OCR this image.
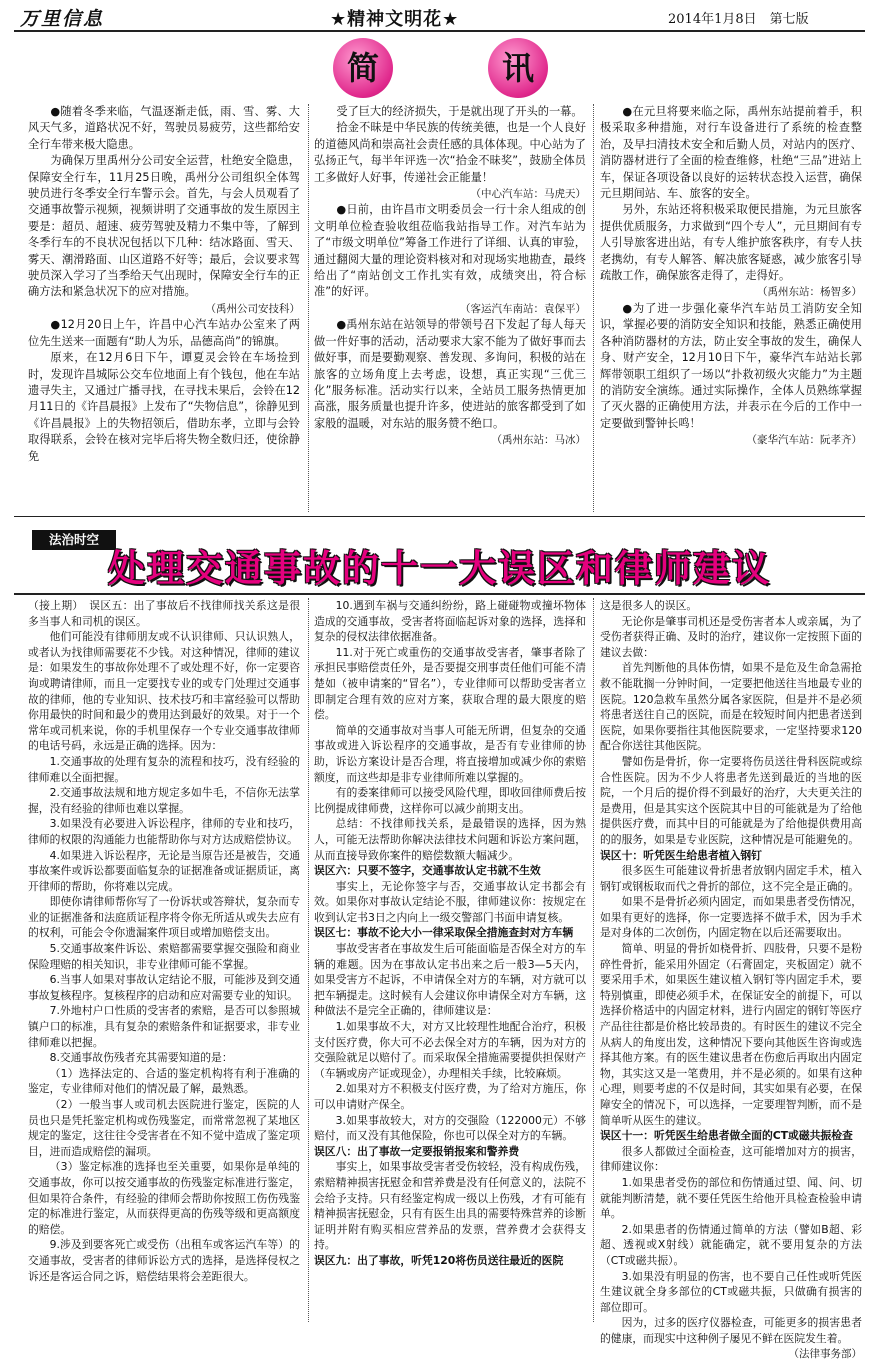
万里信息	★精神文明花★	2014年1月8日　第七版
简	讯

●随着冬季来临，气温逐渐走低，雨、雪、雾、大风天气多，道路状况不好，驾驶员易疲劳，这些都给安全行车带来极大隐患。

为确保万里禹州分公司安全运营，杜绝安全隐患，保障安全行车，11月25日晚，禹州分公司组织全体驾驶员进行冬季安全行车警示会。首先，与会人员观看了交通事故警示视频，视频讲明了交通事故的发生原因主要是：超员、超速、疲劳驾驶及精力不集中等，了解到冬季行车的不良状况包括以下几种：结冰路面、雪天、雾天、潮滑路面、山区道路不好等；最后，会议要求驾驶员深入学习了当季给天气出现时，保障安全行车的正确方法和紧急状况下的应对措施。

（禹州公司安技科）

●12月20日上午，许昌中心汽车站办公室来了两位先生送来一面题有“助人为乐，品德高尚”的锦旗。

原来，在12月6日下午，谭夏灵会铃在车场捡到时，发现许昌城际公交车位地面上有个钱包，他在车站遗寻失主，又通过广播寻找，在寻找未果后，会铃在12月11日的《许昌晨报》上发布了“失物信息”，徐静见到《许昌晨报》上的失物招领后，借助东孝，立即与会铃取得联系，会铃在核对完毕后将失物全数归还，使徐静免

受了巨大的经济损失，于是就出现了开头的一幕。

拾金不昧是中华民族的传统美德，也是一个人良好的道德风尚和崇高社会责任感的具体体现。中心站为了弘扬正气，每半年评选一次“拾金不昧奖”，鼓励全体员工多做好人好事，传递社会正能量！

（中心汽车站：马虎天）

●日前，由许昌市文明委员会一行十余人组成的创文明单位检查验收组莅临我站指导工作。对汽车站为了“市级文明单位”筹备工作进行了详细、认真的审验，通过翻阅大量的理论资料核对和对现场实地勘查，最终给出了“南站创文工作扎实有效，成绩突出，符合标准”的好评。

（客运汽车南站：袁保平）

●禹州东站在站领导的带领号召下发起了每人每天做一件好事的活动，活动要求大家不能为了做好事而去做好事，而是要勤观察、善发现、多询问，积极的站在旅客的立场角度上去考虑，设想，真正实现“三优三化”服务标准。活动实行以来，全站员工服务热情更加高涨，服务质量也提升许多，使进站的旅客都受到了如家般的温暖，对东站的服务赞不绝口。

（禹州东站：马冰）

●在元旦将要来临之际，禹州东站提前着手，积极采取多种措施，对行车设备进行了系统的检查整治，及早扫清技术安全和后勤人员，对站内的医疗、消防器材进行了全面的检查维修，杜绝“三品”进站上车，保证各项设备以良好的运转状态投入运营，确保元旦期间站、车、旅客的安全。

另外，东站还将积极采取便民措施，为元旦旅客提供优质服务，力求做到“四个专人”，元旦期间有专人引导旅客进出站，有专人维护旅客秩序，有专人扶老携幼，有专人解答、解决旅客疑惑，减少旅客引导疏散工作，确保旅客走得了，走得好。

（禹州东站：杨智多）

●为了进一步强化豪华汽车站员工消防安全知识，掌握必要的消防安全知识和技能，熟悉正确使用各种消防器材的方法，防止安全事故的发生，确保人身、财产安全，12月10日下午，豪华汽车站站长郭辉带领职工组织了一场以“扑救初级火灾能力”为主题的消防安全演练。通过实际操作，全体人员熟练掌握了灭火器的正确使用方法，并表示在今后的工作中一定要做到警钟长鸣！

（豪华汽车站：阮孝齐）

法治时空
处理交通事故的十一大误区和律师建议

（接上期）　误区五：出了事故后不找律师找关系这是很多当事人和司机的误区。

他们可能没有律师朋友或不认识律师、只认识熟人，或者认为找律师需要花不少钱。对这种情况，律师的建议是：如果发生的事故你处理不了或处理不好，你一定要咨询或聘请律师，而且一定要找专业的或专门处理过交通事故的律师，他的专业知识、技术技巧和丰富经验可以帮助你用最快的时间和最少的费用达到最好的效果。对于一个常年或司机来说，你的手机里保存一个专业交通事故律师的电话号码，永远是正确的选择。因为：

1.交通事故的处理有复杂的流程和技巧，没有经验的律师难以全面把握。

2.交通事故法规和地方规定多如牛毛，不信你无法掌握，没有经验的律师也难以掌握。

3.如果没有必要进入诉讼程序，律师的专业和技巧，律师的权限的沟通能力也能帮助你与对方达成赔偿协议。

4.如果进入诉讼程序，无论是当原告还是被告，交通事故案件或诉讼都要面临复杂的证据准备或证据质证，离开律师的帮助，你将难以完成。

即使你请律师帮你写了一份诉状或答辩状，复杂而专业的证据准备和法庭质证程序将令你无所适从或失去应有的权利，可能会令你遗漏案件项目或增加赔偿支出。

5.交通事故案件诉讼、索赔都需要掌握交强险和商业保险理赔的相关知识，非专业律师可能不掌握。

6.当事人如果对事故认定结论不服，可能涉及到交通事故复核程序。复核程序的启动和应对需要专业的知识。

7.外地村户口性质的受害者的索赔，是否可以参照城镇户口的标准，具有复杂的索赔条件和证据要求，非专业律师难以把握。

8.交通事故伤残者充其需要知道的是：

（1）选择法定的、合适的鉴定机构将有利于准确的鉴定，专业律师对他们的情况最了解，最熟悉。

（2）一般当事人或司机去医院进行鉴定，医院的人员也只是凭托鉴定机构或伤残鉴定，而常常忽视了某地区规定的鉴定，这往往令受害者在不知不觉中造成了鉴定项目，进而造成赔偿的漏项。

（3）鉴定标准的选择也至关重要，如果你是单纯的交通事故，你可以按交通事故的伤残鉴定标准进行鉴定，但如果符合条件，有经验的律师会帮助你按照工伤伤残鉴定的标准进行鉴定，从而获得更高的伤残等级和更高额度的赔偿。

9.涉及到要客死亡或受伤（出租车或客运汽车等）的交通事故，受害者的律师诉讼方式的选择，是选择侵权之诉还是客运合同之诉，赔偿结果将会差距很大。

10.遇到车祸与交通纠纷纷，路上碰碰物或撞坏物体造成的交通事故，受害者将面临起诉对象的选择，选择和复杂的侵权法律依据准备。

11.对于死亡或重伤的交通事故受害者，肇事者除了承担民事赔偿责任外，是否要提交刑事责任他们可能不清楚如（被申请案的“冒名”），专业律师可以帮助受害者立即制定合理有效的应对方案，获取合理的最大限度的赔偿。

简单的交通事故对当事人可能无所谓，但复杂的交通事故或进入诉讼程序的交通事故，是否有专业律师的协助，诉讼方案设计是否合理，将直接增加或减少你的索赔额度，而这些却是非专业律师所难以掌握的。

有的委案律师可以接受风险代理，即收回律师费后按比例提成律师费，这样你可以减少前期支出。

总结：不找律师找关系，是最错误的选择，因为熟人，可能无法帮助你解决法律技术问题和诉讼方案问题，从而直接导致你案件的赔偿数额大幅减少。

误区六：只要不签字，交通事故认定书就不生效

事实上，无论你签字与否，交通事故认定书都会有效。如果你对事故认定结论不服，律师建议你：按规定在收到认定书3日之内向上一级交警部门书面申请复核。

误区七：事故不论大小一律采取保全措施查封对方车辆

事故受害者在事故发生后可能面临是否保全对方的车辆的难题。因为在事故认定书出来之后一般3—5天内，如果受害方不起诉，不申请保全对方的车辆，对方就可以把车辆提走。这时候有人会建议你申请保全对方车辆，这种做法不是完全正确的，律师建议是：

1.如果事故不大，对方又比较理性地配合治疗，积极支付医疗费，你大可不必去保全对方的车辆，因为对方的交强险就足以赔付了。而采取保全措施需要提供担保财产（车辆或房产证或现金），办理相关手续，比较麻烦。

2.如果对方不积极支付医疗费，为了给对方施压，你可以申请财产保全。

3.如果事故较大，对方的交强险（122000元）不够赔付，而又没有其他保险，你也可以保全对方的车辆。

误区八：出了事故一定要报销报案和警养费

事实上，如果事故受害者受伤较轻，没有构成伤残，索赔精神损害抚慰金和营养费是没有任何意义的，法院不会给予支持。只有经鉴定构成一级以上伤残，才有可能有精神损害抚慰金，只有有医生出具的需要特殊营养的诊断证明并附有购买相应营养品的发票，营养费才会获得支持。

误区九：出了事故，听凭120将伤员送往最近的医院

这是很多人的误区。

无论你是肇事司机还是受伤害者本人或亲属，为了受伤者获得正确、及时的治疗，建议你一定按照下面的建议去做：

首先判断他的具体伤情，如果不是危及生命急需抢救不能耽搁一分钟时间，一定要把他送往当地最专业的医院。120急救车虽然分属各家医院，但是并不是必须将患者送往自己的医院，而是在较短时间内把患者送到医院，如果你要指往其他医院要求，一定坚持要求120配合你送往其他医院。

譬如伤是骨折，你一定要将伤员送往骨科医院或综合性医院。因为不少人将患者先送到最近的当地的医院，一个月后的提价得不到最好的治疗，大夫更关注的是费用，但是其实这个医院其中目的可能就是为了给他提供医疗费，而其中目的可能就是为了给他提供费用高的的服务，如果是专业医院，这种情况是可能避免的。

误区十：听凭医生给患者植入钢钉

很多医生可能建议骨折患者放钢内固定手术，植入钢钉或钢板取而代之骨折的部位，这不完全是正确的。

如果不是骨折必须内固定，而如果患者受伤情况，如果有更好的选择，你一定要选择不做手术，因为手术是对身体的二次创伤，内固定物在以后还需要取出。

简单、明显的骨折如桡骨折、四肢骨，只要不是粉碎性骨折，能采用外固定（石膏固定，夹板固定）就不要采用手术，如果医生建议植入钢钉等内固定手术，要特别慎重，即使必须手术，在保证安全的前提下，可以选择价格适中的内固定材料，进行内固定的钢钉等医疗产品往往都是价格比较昂贵的。有时医生的建议不完全从病人的角度出发，这种情况下要向其他医生咨询或选择其他方案。有的医生建议患者在伤愈后再取出内固定物，其实这又是一笔费用，并不是必须的。如果有这种心理，则要考虑的不仅是时间，其实如果有必要，在保障安全的情况下，可以选择，一定要理智判断，而不是简单听从医生的建议。

误区十一：听凭医生给患者做全面的CT或磁共振检查

很多人都做过全面检查，这可能增加对方的损害，律师建议你：

1.如果患者受伤的部位和伤情通过望、闻、问、切就能判断清楚，就不要任凭医生给他开具检查检验申请单。

2.如果患者的伤情通过简单的方法（譬如B超、彩超、透视或X射线）就能确定，就不要用复杂的方法（CT或磁共振）。

3.如果没有明显的伤害，也不要自己任性或听凭医生建议就全身多部位的CT或磁共振，只做确有损害的部位即可。

因为，过多的医疗仪器检查，可能更多的损害患者的健康，而现实中这种例子屡见不鲜在医院发生着。

（法律事务部）
